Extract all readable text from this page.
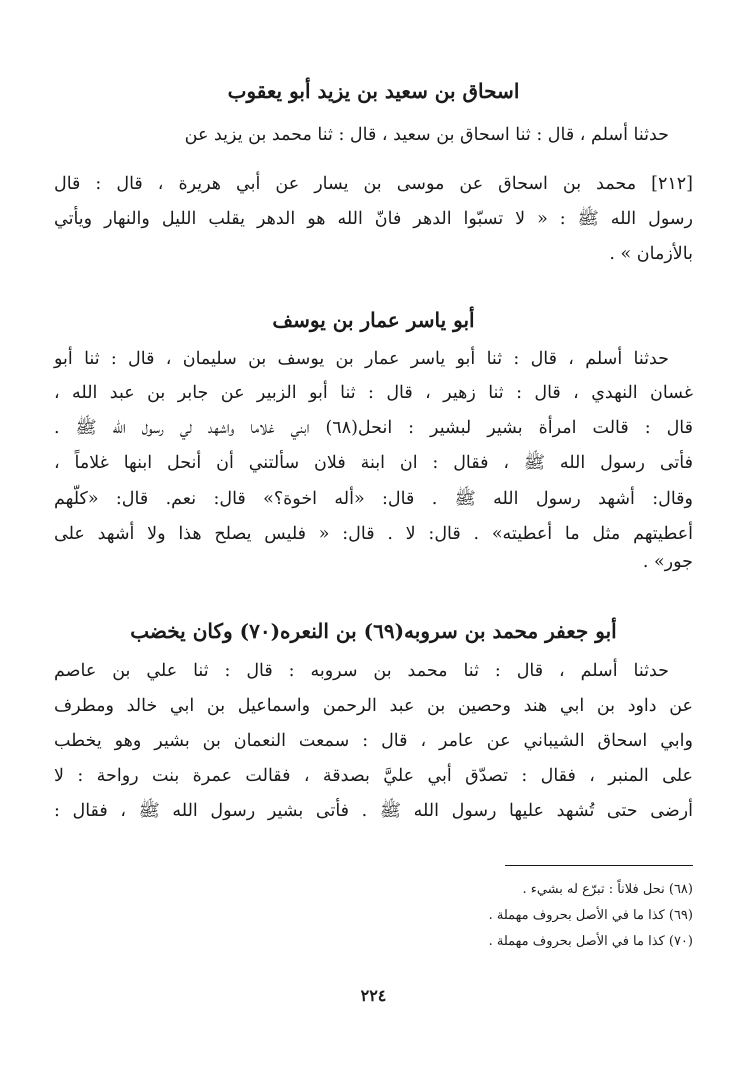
اسحاق بن سعيد بن يزيد أبو يعقوب
حدثنا أسلم ، قال : ثنا اسحاق بن سعيد ، قال : ثنا محمد بن يزيد عن
[٢١٢] محمد بن اسحاق عن موسى بن يسار عن أبي هريرة ، قال : قال
رسول الله ﷺ : « لا تسبّوا الدهر فانّ الله هو الدهر يقلب الليل والنهار ويأتي
بالأزمان » .
أبو ياسر عمار بن يوسف
حدثنا أسلم ، قال : ثنا أبو ياسر عمار بن يوسف بن سليمان ، قال : ثنا أبو
غسان النهدي ، قال : ثنا زهير ، قال : ثنا أبو الزبير عن جابر بن عبد الله ،
قال : قالت امرأة بشير لبشير : انحل(٦٨) ابني غلاما واشهد لي رسول الله ﷺ .
فأتى رسول الله ﷺ ، فقال : ان ابنة فلان سألتني أن أنحل ابنها غلاماً ،
وقال: أشهد رسول الله ﷺ . قال: «أله اخوة؟» قال: نعم. قال: «كلّهم
أعطيتهم مثل ما أعطيته» . قال: لا . قال: « فليس يصلح هذا ولا أشهد على
جور» .
أبو جعفر محمد بن سروبه(٦٩) بن النعره(٧٠) وكان يخضب
حدثنا أسلم ، قال : ثنا محمد بن سروبه : قال : ثنا علي بن عاصم
عن داود بن ابي هند وحصين بن عبد الرحمن واسماعيل بن ابي خالد ومطرف
وابي اسحاق الشيباني عن عامر ، قال : سمعت النعمان بن بشير وهو يخطب
على المنبر ، فقال : تصدّق أبي عليَّ بصدقة ، فقالت عمرة بنت رواحة : لا
أرضى حتى تُشهد عليها رسول الله ﷺ . فأتى بشير رسول الله ﷺ ، فقال :
(٦٨) نحل فلاناً : تبرّع له بشيء .
(٦٩) كذا ما في الأصل بحروف مهملة .
(٧٠) كذا ما في الأصل بحروف مهملة .
٢٢٤
